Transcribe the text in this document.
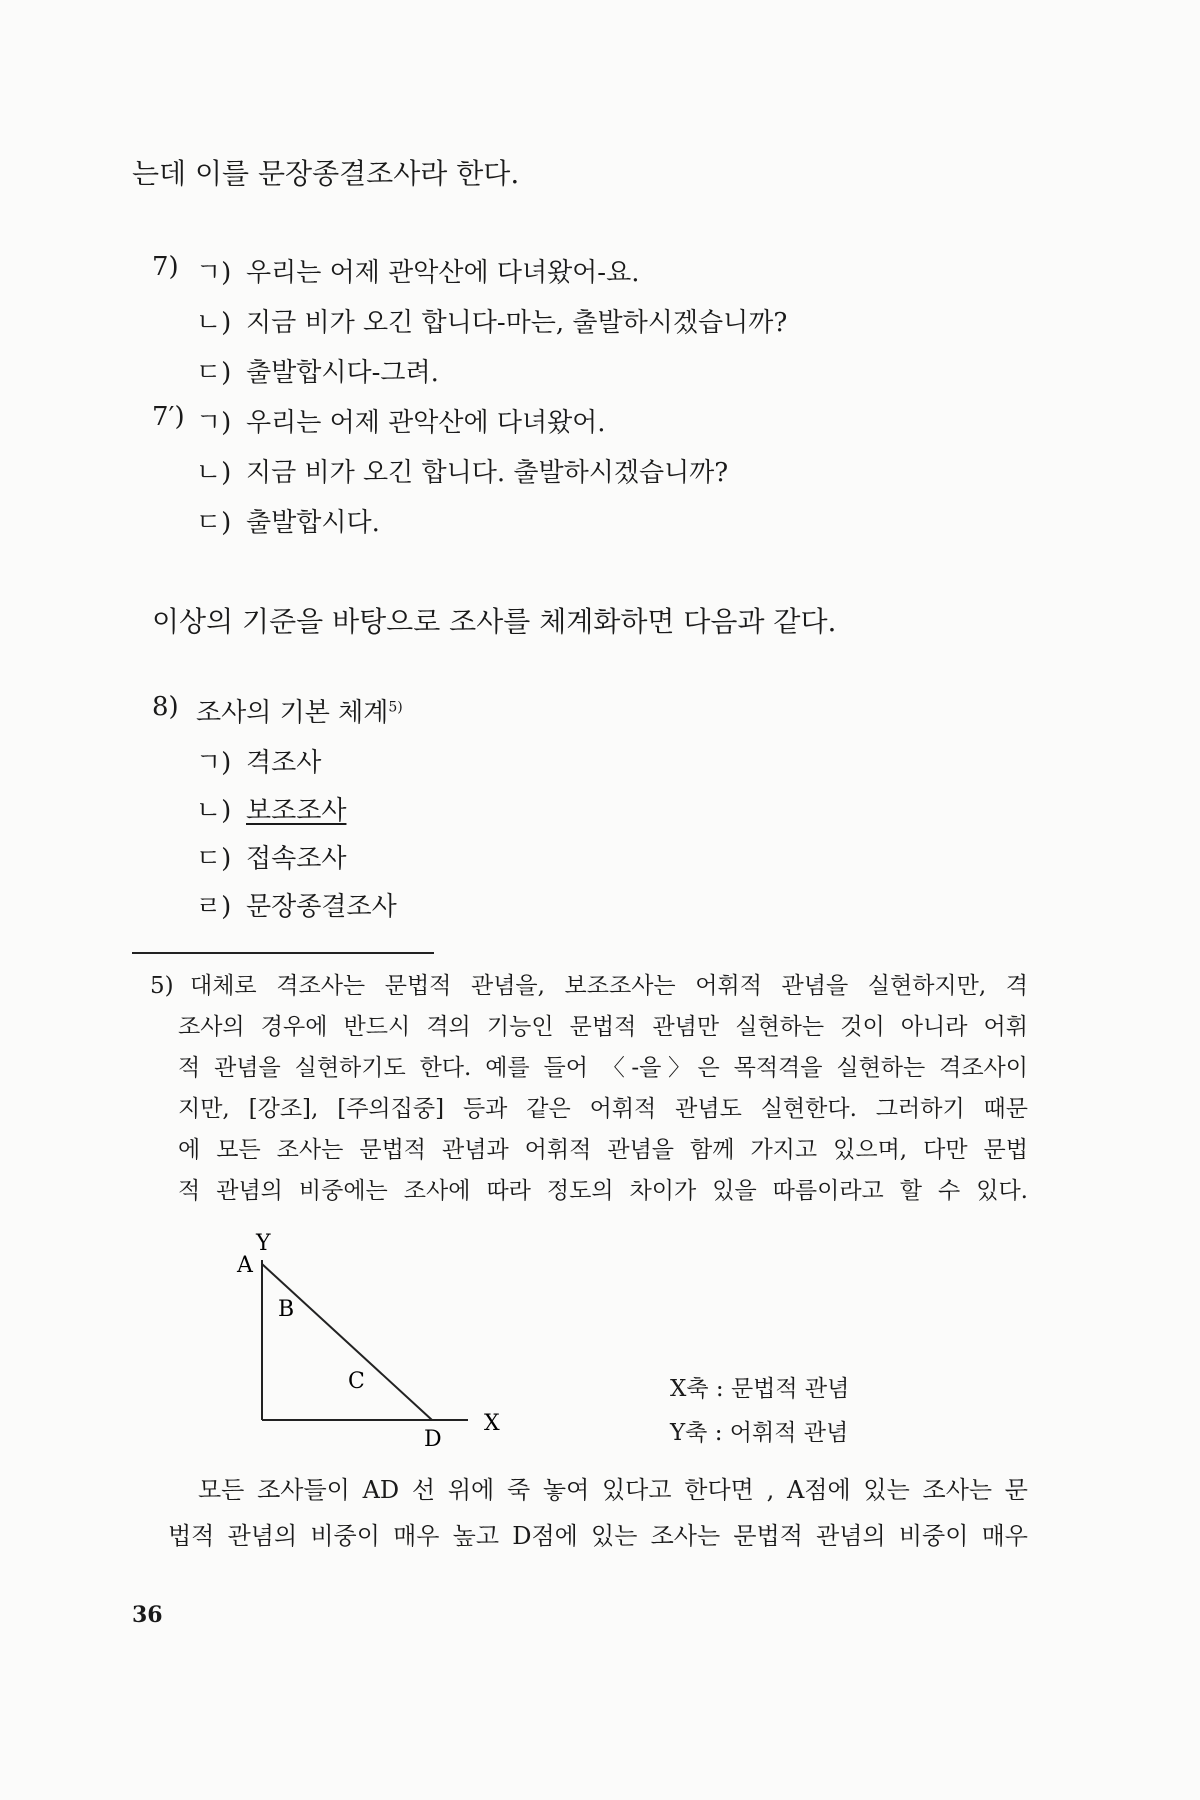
는데 이를 문장종결조사라 한다.
7) ㄱ) 우리는 어제 관악산에 다녀왔어-요.
ㄴ) 지금 비가 오긴 합니다-마는, 출발하시겠습니까?
ㄷ) 출발합시다-그려.
7′) ㄱ) 우리는 어제 관악산에 다녀왔어.
ㄴ) 지금 비가 오긴 합니다. 출발하시겠습니까?
ㄷ) 출발합시다.
이상의 기준을 바탕으로 조사를 체계화하면 다음과 같다.
8) 조사의 기본 체계$^{5)}$
ㄱ) 격조사
ㄴ) 보조조사
ㄷ) 접속조사
ㄹ) 문장종결조사
5) 대체로 격조사는 문법적 관념을, 보조조사는 어휘적 관념을 실현하지만, 격
조사의 경우에 반드시 격의 기능인 문법적 관념만 실현하는 것이 아니라 어휘
적 관념을 실현하기도 한다. 예를 들어 〈-을〉은 목적격을 실현하는 격조사이
지만, [강조], [주의집중] 등과 같은 어휘적 관념도 실현한다. 그러하기 때문
에 모든 조사는 문법적 관념과 어휘적 관념을 함께 가지고 있으며, 다만 문법
적 관념의 비중에는 조사에 따라 정도의 차이가 있을 따름이라고 할 수 있다.
Y
A
B
C
D
X
X축 : 문법적 관념
Y축 : 어휘적 관념
모든 조사들이 AD 선 위에 죽 놓여 있다고 한다면 , A점에 있는 조사는 문
법적 관념의 비중이 매우 높고 D점에 있는 조사는 문법적 관념의 비중이 매우
36
